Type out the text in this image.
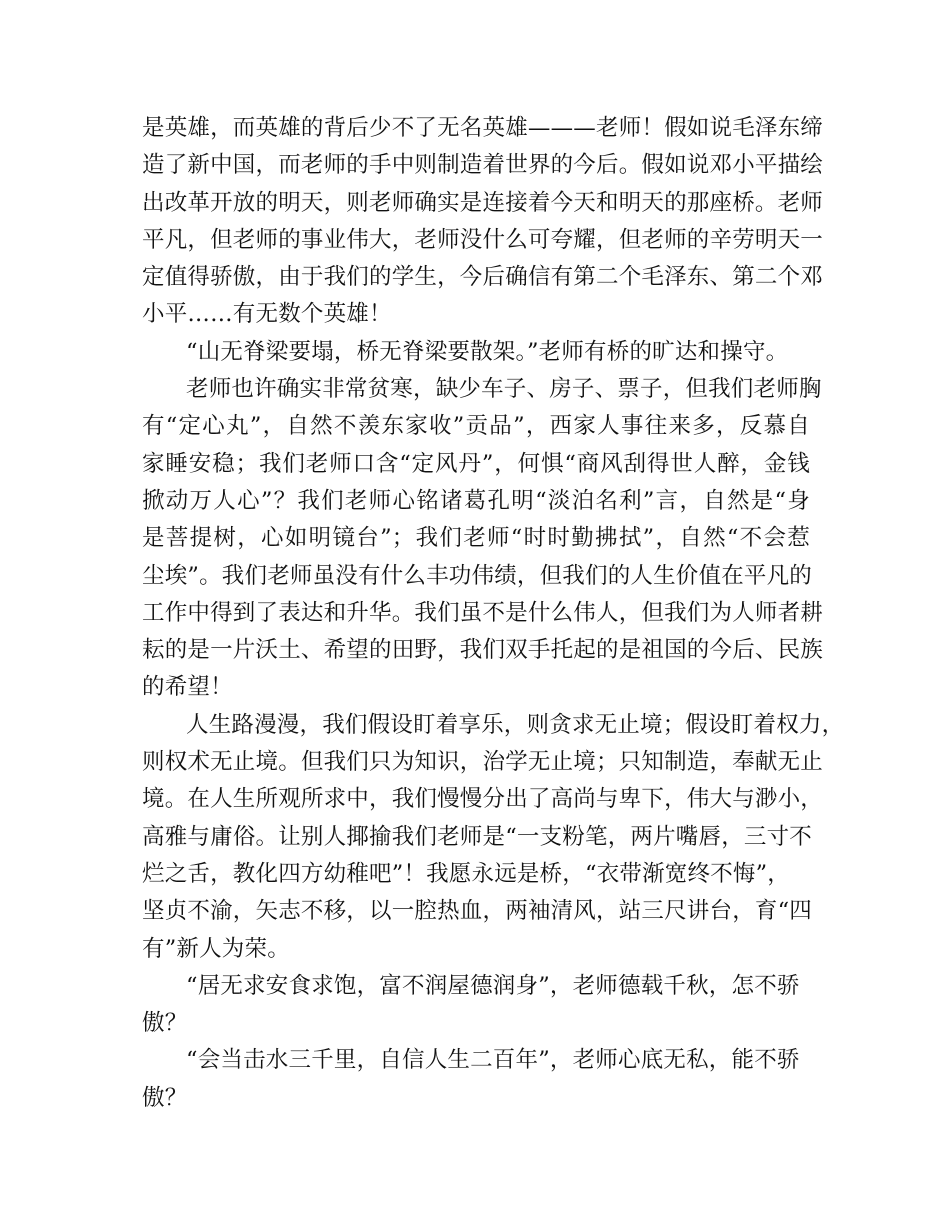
是英雄，而英雄的背后少不了无名英雄———老师！假如说毛泽东缔
造了新中国，而老师的手中则制造着世界的今后。假如说邓小平描绘
出改革开放的明天，则老师确实是连接着今天和明天的那座桥。老师
平凡，但老师的事业伟大，老师没什么可夸耀，但老师的辛劳明天一
定值得骄傲，由于我们的学生，今后确信有第二个毛泽东、第二个邓
小平……有无数个英雄！
“山无脊梁要塌，桥无脊梁要散架。”老师有桥的旷达和操守。
老师也许确实非常贫寒，缺少车子、房子、票子，但我们老师胸
有“定心丸”，自然不羡东家收”贡品”，西家人事往来多，反慕自
家睡安稳；我们老师口含“定风丹”，何惧“商风刮得世人醉，金钱
掀动万人心”？我们老师心铭诸葛孔明“淡泊名利”言，自然是“身
是菩提树，心如明镜台”；我们老师“时时勤拂拭”，自然“不会惹
尘埃”。我们老师虽没有什么丰功伟绩，但我们的人生价值在平凡的
工作中得到了表达和升华。我们虽不是什么伟人，但我们为人师者耕
耘的是一片沃土、希望的田野，我们双手托起的是祖国的今后、民族
的希望！
人生路漫漫，我们假设盯着享乐，则贪求无止境；假设盯着权力，
则权术无止境。但我们只为知识，治学无止境；只知制造，奉献无止
境。在人生所观所求中，我们慢慢分出了高尚与卑下，伟大与渺小，
高雅与庸俗。让别人揶揄我们老师是“一支粉笔，两片嘴唇，三寸不
烂之舌，教化四方幼稚吧”！我愿永远是桥，“衣带渐宽终不悔”，
坚贞不渝，矢志不移，以一腔热血，两袖清风，站三尺讲台，育“四
有”新人为荣。
“居无求安食求饱，富不润屋德润身”，老师德载千秋，怎不骄
傲？
“会当击水三千里，自信人生二百年”，老师心底无私，能不骄
傲？
